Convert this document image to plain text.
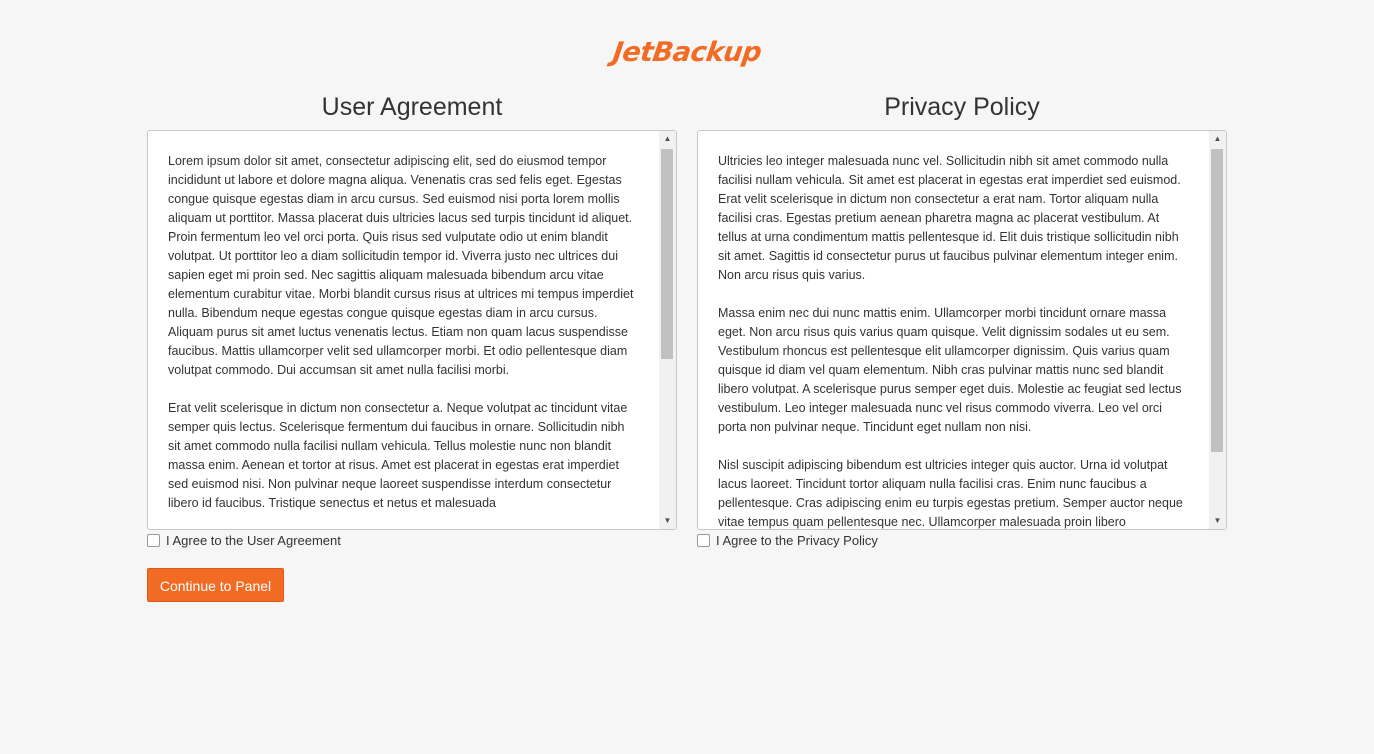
JetBackup
User Agreement	Privacy Policy

Lorem ipsum dolor sit amet, consectetur adipiscing elit, sed do eiusmod tempor incididunt ut labore et dolore magna aliqua. Venenatis cras sed felis eget. Egestas congue quisque egestas diam in arcu cursus. Sed euismod nisi porta lorem mollis aliquam ut porttitor. Massa placerat duis ultricies lacus sed turpis tincidunt id aliquet. Proin fermentum leo vel orci porta. Quis risus sed vulputate odio ut enim blandit volutpat. Ut porttitor leo a diam sollicitudin tempor id. Viverra justo nec ultrices dui sapien eget mi proin sed. Nec sagittis aliquam malesuada bibendum arcu vitae elementum curabitur vitae. Morbi blandit cursus risus at ultrices mi tempus imperdiet nulla. Bibendum neque egestas congue quisque egestas diam in arcu cursus. Aliquam purus sit amet luctus venenatis lectus. Etiam non quam lacus suspendisse faucibus. Mattis ullamcorper velit sed ullamcorper morbi. Et odio pellentesque diam volutpat commodo. Dui accumsan sit amet nulla facilisi morbi.

Erat velit scelerisque in dictum non consectetur a. Neque volutpat ac tincidunt vitae semper quis lectus. Scelerisque fermentum dui faucibus in ornare. Sollicitudin nibh sit amet commodo nulla facilisi nullam vehicula. Tellus molestie nunc non blandit massa enim. Aenean et tortor at risus. Amet est placerat in egestas erat imperdiet sed euismod nisi. Non pulvinar neque laoreet suspendisse interdum consectetur libero id faucibus. Tristique senectus et netus et malesuada

▲
▼

Ultricies leo integer malesuada nunc vel. Sollicitudin nibh sit amet commodo nulla facilisi nullam vehicula. Sit amet est placerat in egestas erat imperdiet sed euismod. Erat velit scelerisque in dictum non consectetur a erat nam. Tortor aliquam nulla facilisi cras. Egestas pretium aenean pharetra magna ac placerat vestibulum. At tellus at urna condimentum mattis pellentesque id. Elit duis tristique sollicitudin nibh sit amet. Sagittis id consectetur purus ut faucibus pulvinar elementum integer enim. Non arcu risus quis varius.

Massa enim nec dui nunc mattis enim. Ullamcorper morbi tincidunt ornare massa eget. Non arcu risus quis varius quam quisque. Velit dignissim sodales ut eu sem. Vestibulum rhoncus est pellentesque elit ullamcorper dignissim. Quis varius quam quisque id diam vel quam elementum. Nibh cras pulvinar mattis nunc sed blandit libero volutpat. A scelerisque purus semper eget duis. Molestie ac feugiat sed lectus vestibulum. Leo integer malesuada nunc vel risus commodo viverra. Leo vel orci porta non pulvinar neque. Tincidunt eget nullam non nisi.

Nisl suscipit adipiscing bibendum est ultricies integer quis auctor. Urna id volutpat lacus laoreet. Tincidunt tortor aliquam nulla facilisi cras. Enim nunc faucibus a pellentesque. Cras adipiscing enim eu turpis egestas pretium. Semper auctor neque vitae tempus quam pellentesque nec. Ullamcorper malesuada proin libero

▲
▼
I Agree to the User Agreement	I Agree to the Privacy Policy
Continue to Panel
